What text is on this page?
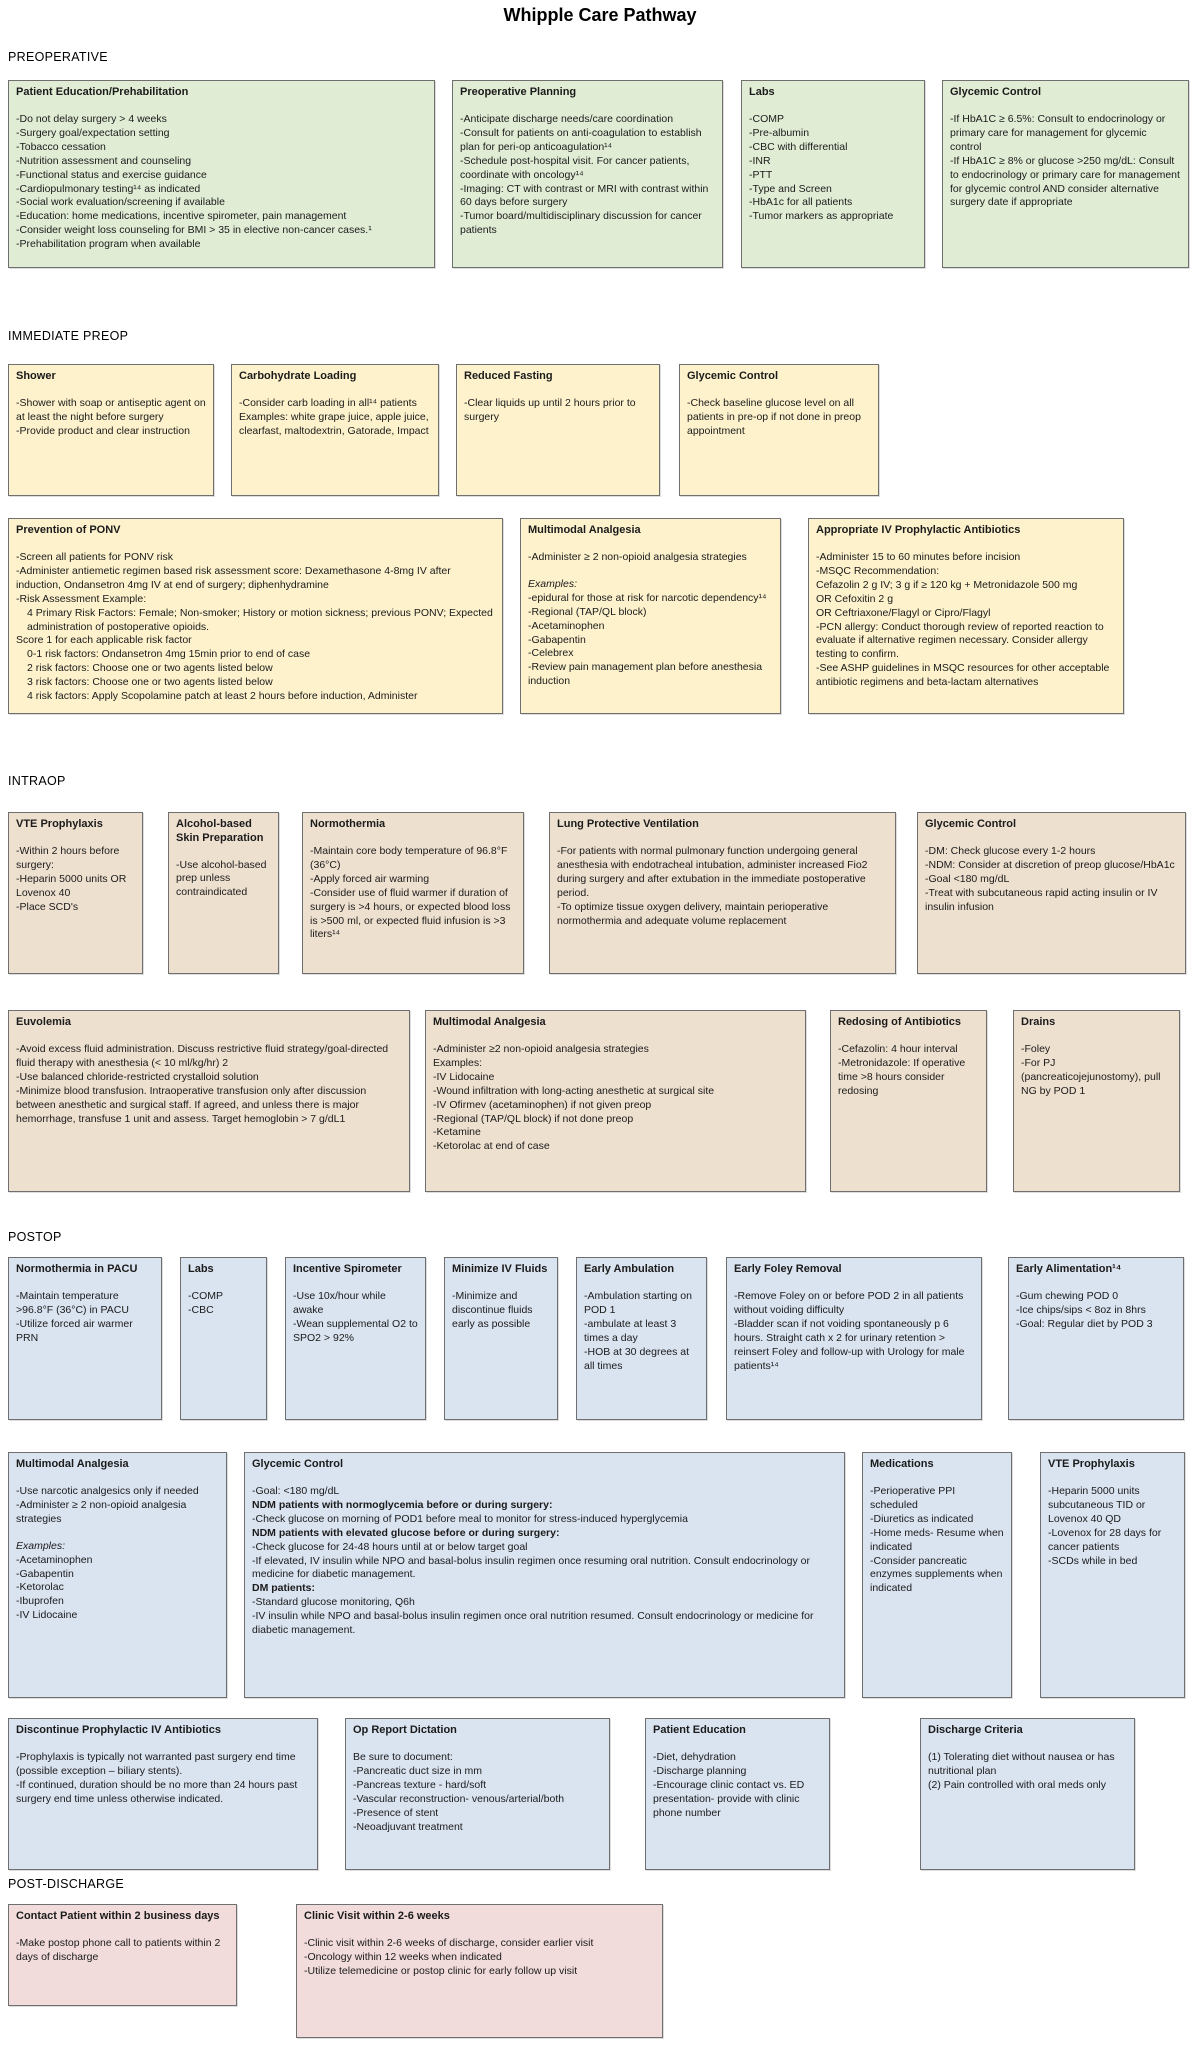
Whipple Care Pathway
PREOPERATIVE
Patient Education/Prehabilitation
-Do not delay surgery > 4 weeks
-Surgery goal/expectation setting
-Tobacco cessation
-Nutrition assessment and counseling
-Functional status and exercise guidance
-Cardiopulmonary testing¹⁴ as indicated
-Social work evaluation/screening if available
-Education: home medications, incentive spirometer, pain management
-Consider weight loss counseling for BMI > 35 in elective non-cancer cases.¹
-Prehabilitation program when available
Preoperative Planning
-Anticipate discharge needs/care coordination
-Consult for patients on anti-coagulation to establish plan for peri-op anticoagulation¹⁴
-Schedule post-hospital visit. For cancer patients, coordinate with oncology¹⁴
-Imaging: CT with contrast or MRI with contrast within 60 days before surgery
-Tumor board/multidisciplinary discussion for cancer patients
Labs
-COMP
-Pre-albumin
-CBC with differential
-INR
-PTT
-Type and Screen
-HbA1c for all patients
-Tumor markers as appropriate
Glycemic Control
-If HbA1C ≥ 6.5%: Consult to endocrinology or primary care for management for glycemic control
-If HbA1C ≥ 8% or glucose >250 mg/dL: Consult to endocrinology or primary care for management for glycemic control AND consider alternative surgery date if appropriate
IMMEDIATE PREOP
Shower
-Shower with soap or antiseptic agent on at least the night before surgery
-Provide product and clear instruction
Carbohydrate Loading
-Consider carb loading in all¹⁴ patients
Examples: white grape juice, apple juice, clearfast, maltodextrin, Gatorade, Impact
Reduced Fasting
-Clear liquids up until 2 hours prior to surgery
Glycemic Control
-Check baseline glucose level on all patients in pre-op if not done in preop appointment
Prevention of PONV
-Screen all patients for PONV risk
-Administer antiemetic regimen based risk assessment score: Dexamethasone 4-8mg IV after induction, Ondansetron 4mg IV at end of surgery; diphenhydramine
-Risk Assessment Example:
4 Primary Risk Factors: Female; Non-smoker; History or motion sickness; previous PONV; Expected administration of postoperative opioids.
Score 1 for each applicable risk factor
0-1 risk factors: Ondansetron 4mg 15min prior to end of case
2 risk factors: Choose one or two agents listed below
3 risk factors: Choose one or two agents listed below
4 risk factors: Apply Scopolamine patch at least 2 hours before induction, Administer
Multimodal Analgesia
-Administer ≥ 2 non-opioid analgesia strategies
Examples:
-epidural for those at risk for narcotic dependency¹⁴
-Regional (TAP/QL block)
-Acetaminophen
-Gabapentin
-Celebrex
-Review pain management plan before anesthesia induction
Appropriate IV Prophylactic Antibiotics
-Administer 15 to 60 minutes before incision
-MSQC Recommendation:
Cefazolin 2 g IV; 3 g if ≥ 120 kg + Metronidazole 500 mg
OR Cefoxitin 2 g
OR Ceftriaxone/Flagyl or Cipro/Flagyl
-PCN allergy: Conduct thorough review of reported reaction to evaluate if alternative regimen necessary. Consider allergy testing to confirm.
-See ASHP guidelines in MSQC resources for other acceptable antibiotic regimens and beta-lactam alternatives
INTRAOP
VTE Prophylaxis
-Within 2 hours before surgery:
-Heparin 5000 units OR Lovenox 40
-Place SCD's
Alcohol-based Skin Preparation
-Use alcohol-based prep unless contraindicated
Normothermia
-Maintain core body temperature of 96.8°F (36°C)
-Apply forced air warming
-Consider use of fluid warmer if duration of surgery is >4 hours, or expected blood loss is >500 ml, or expected fluid infusion is >3 liters¹⁴
Lung Protective Ventilation
-For patients with normal pulmonary function undergoing general anesthesia with endotracheal intubation, administer increased Fio2 during surgery and after extubation in the immediate postoperative period.
-To optimize tissue oxygen delivery, maintain perioperative normothermia and adequate volume replacement
Glycemic Control
-DM: Check glucose every 1-2 hours
-NDM: Consider at discretion of preop glucose/HbA1c
-Goal <180 mg/dL
-Treat with subcutaneous rapid acting insulin or IV insulin infusion
Euvolemia
-Avoid excess fluid administration. Discuss restrictive fluid strategy/goal-directed fluid therapy with anesthesia (< 10 ml/kg/hr) 2
-Use balanced chloride-restricted crystalloid solution
-Minimize blood transfusion. Intraoperative transfusion only after discussion between anesthetic and surgical staff. If agreed, and unless there is major hemorrhage, transfuse 1 unit and assess. Target hemoglobin > 7 g/dL1
Multimodal Analgesia
-Administer ≥2 non-opioid analgesia strategies
Examples:
-IV Lidocaine
-Wound infiltration with long-acting anesthetic at surgical site
-IV Ofirmev (acetaminophen) if not given preop
-Regional (TAP/QL block) if not done preop
-Ketamine
-Ketorolac at end of case
Redosing of Antibiotics
-Cefazolin: 4 hour interval
-Metronidazole: If operative time >8 hours consider redosing
Drains
-Foley
-For PJ (pancreaticojejunostomy), pull NG by POD 1
POSTOP
Normothermia in PACU
-Maintain temperature >96.8°F (36°C) in PACU
-Utilize forced air warmer PRN
Labs
-COMP
-CBC
Incentive Spirometer
-Use 10x/hour while awake
-Wean supplemental O2 to SPO2 > 92%
Minimize IV Fluids
-Minimize and discontinue fluids early as possible
Early Ambulation
-Ambulation starting on POD 1
-ambulate at least 3 times a day
-HOB at 30 degrees at all times
Early Foley Removal
-Remove Foley on or before POD 2 in all patients without voiding difficulty
-Bladder scan if not voiding spontaneously p 6 hours. Straight cath x 2 for urinary retention > reinsert Foley and follow-up with Urology for male patients¹⁴
Early Alimentation¹⁴
-Gum chewing POD 0
-Ice chips/sips < 8oz in 8hrs
-Goal: Regular diet by POD 3
Multimodal Analgesia
-Use narcotic analgesics only if needed
-Administer ≥ 2 non-opioid analgesia strategies
Examples:
-Acetaminophen
-Gabapentin
-Ketorolac
-Ibuprofen
-IV Lidocaine
Glycemic Control
-Goal: <180 mg/dL
NDM patients with normoglycemia before or during surgery:
-Check glucose on morning of POD1 before meal to monitor for stress-induced hyperglycemia
NDM patients with elevated glucose before or during surgery:
-Check glucose for 24-48 hours until at or below target goal
-If elevated, IV insulin while NPO and basal-bolus insulin regimen once resuming oral nutrition. Consult endocrinology or medicine for diabetic management.
DM patients:
-Standard glucose monitoring, Q6h
-IV insulin while NPO and basal-bolus insulin regimen once oral nutrition resumed. Consult endocrinology or medicine for diabetic management.
Medications
-Perioperative PPI scheduled
-Diuretics as indicated
-Home meds- Resume when indicated
-Consider pancreatic enzymes supplements when indicated
VTE Prophylaxis
-Heparin 5000 units subcutaneous TID or Lovenox 40 QD
-Lovenox for 28 days for cancer patients
-SCDs while in bed
Discontinue Prophylactic IV Antibiotics
-Prophylaxis is typically not warranted past surgery end time (possible exception – biliary stents).
-If continued, duration should be no more than 24 hours past surgery end time unless otherwise indicated.
Op Report Dictation
Be sure to document:
-Pancreatic duct size in mm
-Pancreas texture - hard/soft
-Vascular reconstruction- venous/arterial/both
-Presence of stent
-Neoadjuvant treatment
Patient Education
-Diet, dehydration
-Discharge planning
-Encourage clinic contact vs. ED presentation- provide with clinic phone number
Discharge Criteria
(1) Tolerating diet without nausea or has nutritional plan
(2) Pain controlled with oral meds only
POST-DISCHARGE
Contact Patient within 2 business days
-Make postop phone call to patients within 2 days of discharge
Clinic Visit within 2-6 weeks
-Clinic visit within 2-6 weeks of discharge, consider earlier visit
-Oncology within 12 weeks when indicated
-Utilize telemedicine or postop clinic for early follow up visit
